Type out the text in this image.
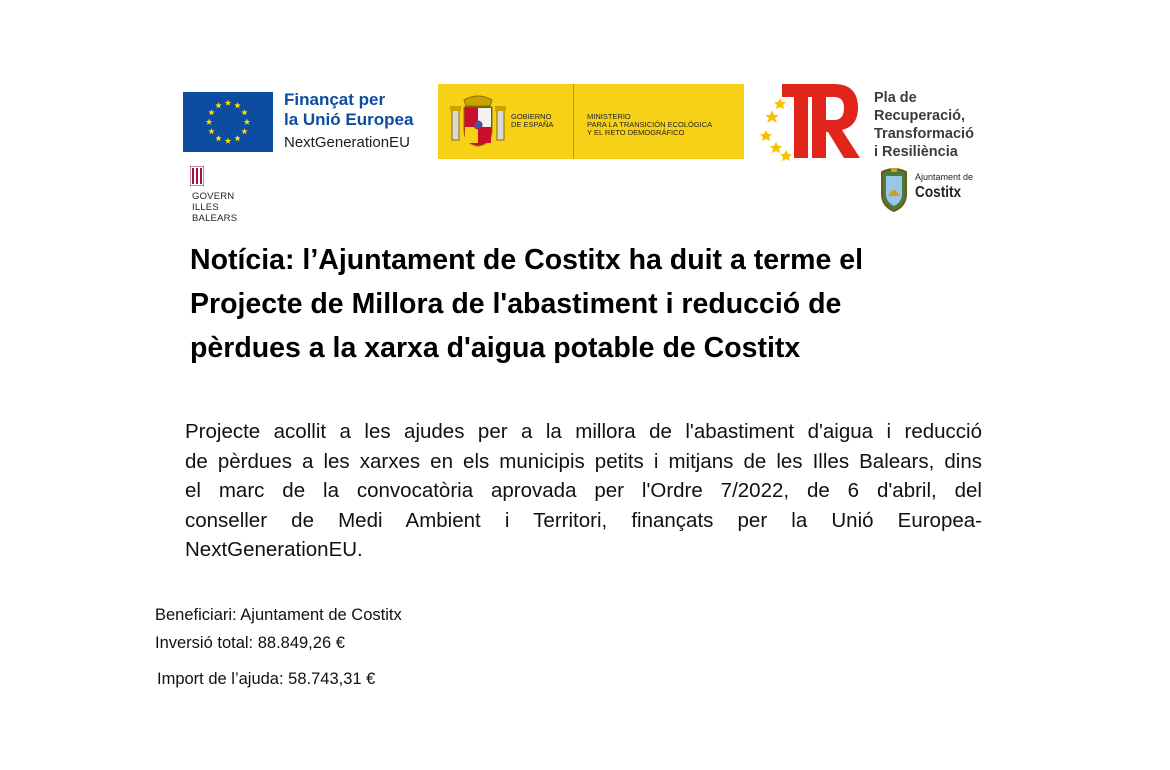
Finançat per
la Unió Europea
NextGenerationEU
GOBIERNO
DE ESPAÑA
MINISTERIO
PARA LA TRANSICIÓN ECOLÓGICA
Y EL RETO DEMOGRÁFICO
Pla de
Recuperació,
Transformació
i Resiliència
GOVERN
ILLES
BALEARS
Ajuntament de
Costitx
Notícia: l’Ajuntament de Costitx ha duit a terme el
Projecte de Millora de l'abastiment i reducció de
pèrdues a la xarxa d'aigua potable de Costitx
Projecte acollit a les ajudes per a la millora de l'abastiment d'aigua i reducció
de pèrdues a les xarxes en els municipis petits i mitjans de les Illes Balears, dins
el marc de la convocatòria aprovada per l'Ordre 7/2022, de 6 d'abril, del
conseller de Medi Ambient i Territori, finançats per la Unió Europea-
NextGenerationEU.
Beneficiari: Ajuntament de Costitx
Inversió total: 88.849,26 €
Import de l’ajuda: 58.743,31 €
